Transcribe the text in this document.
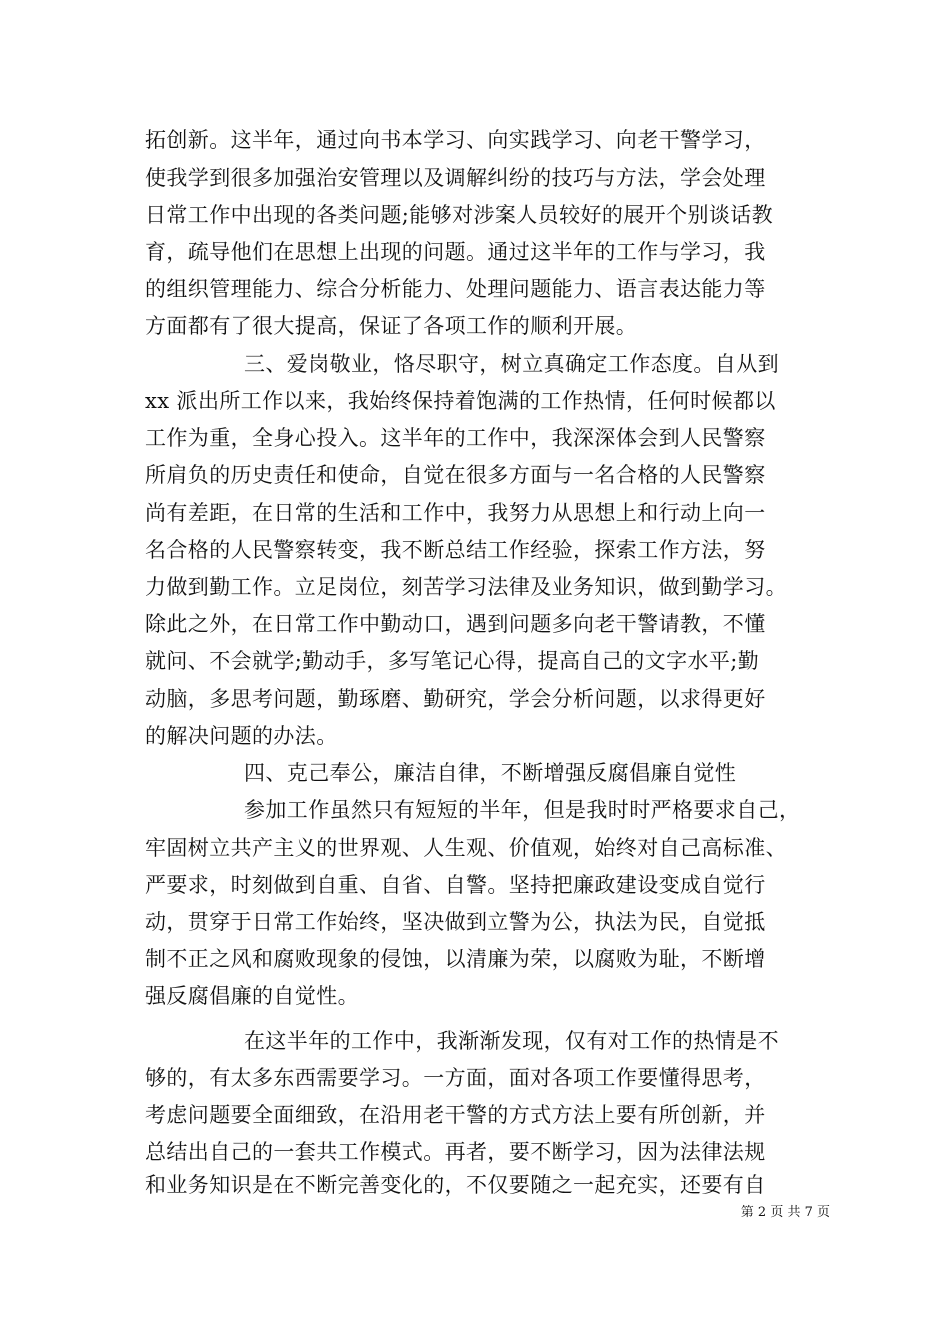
拓创新。这半年，通过向书本学习、向实践学习、向老干警学习，
使我学到很多加强治安管理以及调解纠纷的技巧与方法，学会处理
日常工作中出现的各类问题;能够对涉案人员较好的展开个别谈话教
育，疏导他们在思想上出现的问题。通过这半年的工作与学习，我
的组织管理能力、综合分析能力、处理问题能力、语言表达能力等
方面都有了很大提高，保证了各项工作的顺利开展。
三、爱岗敬业，恪尽职守，树立真确定工作态度。自从到
xx 派出所工作以来，我始终保持着饱满的工作热情，任何时候都以
工作为重，全身心投入。这半年的工作中，我深深体会到人民警察
所肩负的历史责任和使命，自觉在很多方面与一名合格的人民警察
尚有差距，在日常的生活和工作中，我努力从思想上和行动上向一
名合格的人民警察转变，我不断总结工作经验，探索工作方法，努
力做到勤工作。立足岗位，刻苦学习法律及业务知识，做到勤学习。
除此之外，在日常工作中勤动口，遇到问题多向老干警请教，不懂
就问、不会就学;勤动手，多写笔记心得，提高自己的文字水平;勤
动脑，多思考问题，勤琢磨、勤研究，学会分析问题，以求得更好
的解决问题的办法。
四、克己奉公，廉洁自律，不断增强反腐倡廉自觉性
参加工作虽然只有短短的半年，但是我时时严格要求自己，
牢固树立共产主义的世界观、人生观、价值观，始终对自己高标准、
严要求，时刻做到自重、自省、自警。坚持把廉政建设变成自觉行
动，贯穿于日常工作始终，坚决做到立警为公，执法为民，自觉抵
制不正之风和腐败现象的侵蚀，以清廉为荣，以腐败为耻，不断增
强反腐倡廉的自觉性。
在这半年的工作中，我渐渐发现，仅有对工作的热情是不
够的，有太多东西需要学习。一方面，面对各项工作要懂得思考，
考虑问题要全面细致，在沿用老干警的方式方法上要有所创新，并
总结出自己的一套共工作模式。再者，要不断学习，因为法律法规
和业务知识是在不断完善变化的，不仅要随之一起充实，还要有自
第 2 页 共 7 页
